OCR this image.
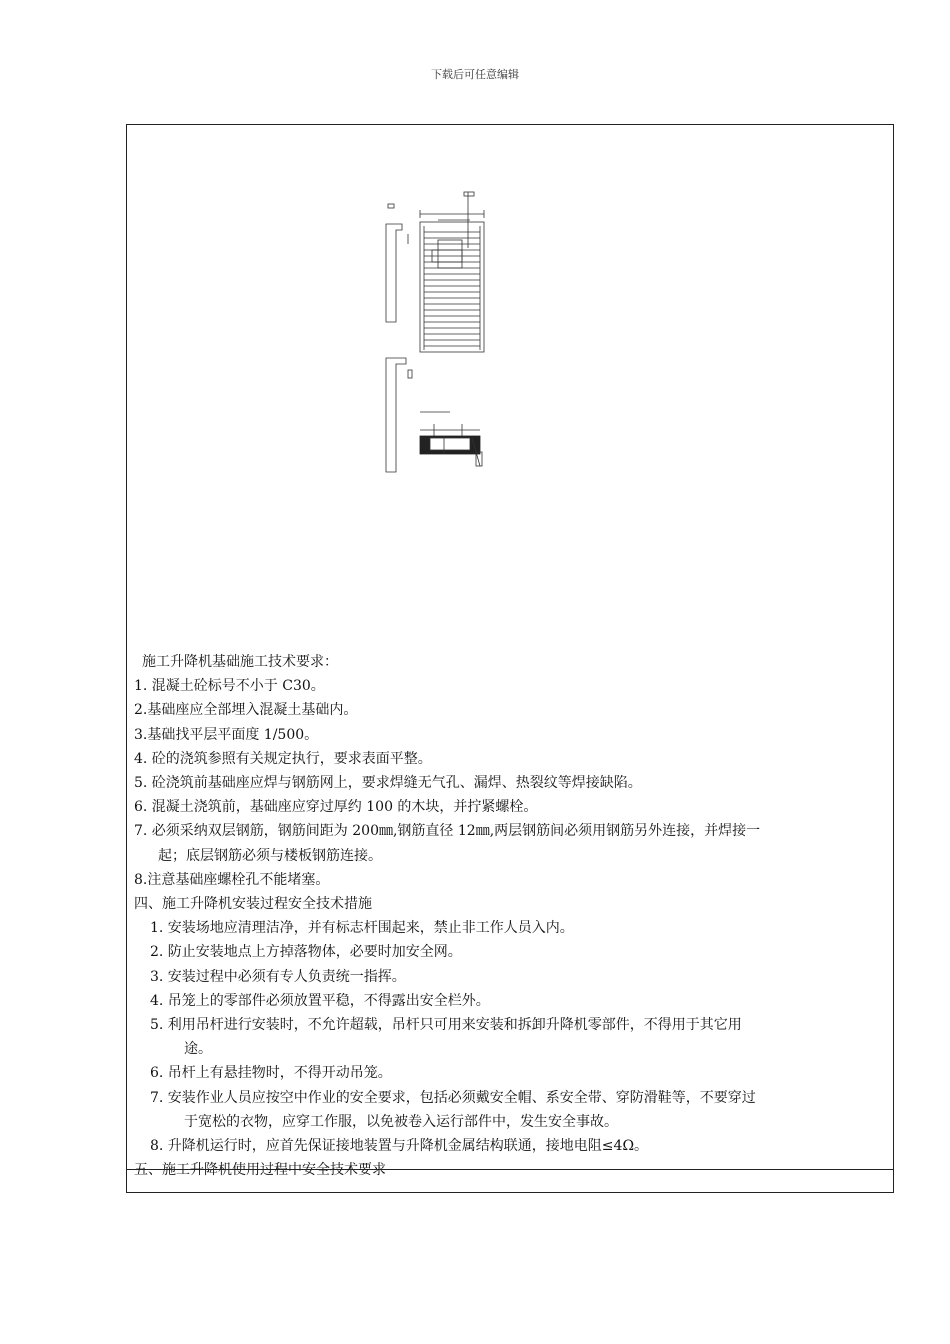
下载后可任意编辑
施工升降机基础施工技术要求：
1. 混凝土砼标号不小于 C30。
2.基础座应全部埋入混凝土基础内。
3.基础找平层平面度 1/500。
4. 砼的浇筑参照有关规定执行，要求表面平整。
5. 砼浇筑前基础座应焊与钢筋网上，要求焊缝无气孔、漏焊、热裂纹等焊接缺陷。
6. 混凝土浇筑前，基础座应穿过厚约 100 的木块，并拧紧螺栓。
7. 必须采纳双层钢筋，钢筋间距为 200㎜,钢筋直径 12㎜,两层钢筋间必须用钢筋另外连接，并焊接一
起；底层钢筋必须与楼板钢筋连接。
8.注意基础座螺栓孔不能堵塞。
四、施工升降机安装过程安全技术措施
1. 安装场地应清理洁净，并有标志杆围起来，禁止非工作人员入内。
2. 防止安装地点上方掉落物体，必要时加安全网。
3. 安装过程中必须有专人负责统一指挥。
4. 吊笼上的零部件必须放置平稳，不得露出安全栏外。
5. 利用吊杆进行安装时，不允许超载，吊杆只可用来安装和拆卸升降机零部件，不得用于其它用
途。
6. 吊杆上有悬挂物时，不得开动吊笼。
7. 安装作业人员应按空中作业的安全要求，包括必须戴安全帽、系安全带、穿防滑鞋等，不要穿过
于宽松的衣物，应穿工作服，以免被卷入运行部件中，发生安全事故。
8. 升降机运行时，应首先保证接地装置与升降机金属结构联通，接地电阻≤4Ω。
五、施工升降机使用过程中安全技术要求
